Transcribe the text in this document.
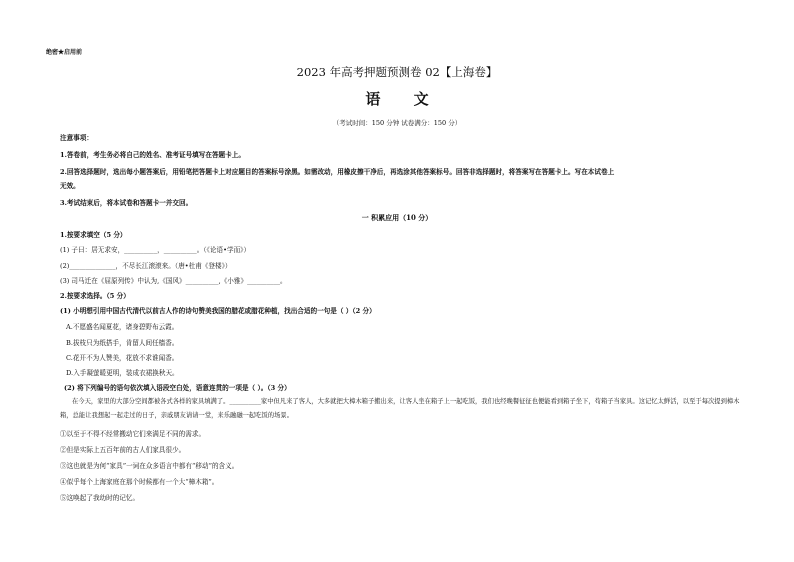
绝密★启用前
2023 年高考押题预测卷 02【上海卷】
语 文
（考试时间：150 分钟 试卷满分：150 分）
注意事项：
1.答卷前，考生务必将自己的姓名、准考证号填写在答题卡上。
2.回答选择题时，选出每小题答案后，用铅笔把答题卡上对应题目的答案标号涂黑。如需改动，用橡皮擦干净后，再选涂其他答案标号。回答非选择题时，将答案写在答题卡上。写在本试卷上
无效。
3.考试结束后，将本试卷和答题卡一并交回。
一 积累应用（10 分）
1.按要求填空（5 分）
(1) 子曰：居无求安，__________，__________。（《论语•学而》）
(2)______________，不尽长江滚滚来。（唐•杜甫《登楼》）
(3) 司马迁在《屈原列传》中认为,《国风》__________,《小雅》__________。
2.按要求选择。（5 分）
(1) 小明想引用中国古代清代以前古人作的诗句赞美我国的腊花或腊花种植，找出合适的一句是（ ）（2 分）
A.不愿盛名闻夏花，诸身碧野布云霞。
B.拔枝只为纸搭手，肯留人间任樯香。
C.花开不为人赞美，花放不求谁闻香。
D.入手凝萤暖更明，装成衣裙换秋天。
(2) 将下列编号的语句依次填入语段空白处，语意连贯的一项是（ ）。（3 分）
在今天，家里的大部分空间都被各式各样的家具填满了。__________家中但凡来了客人，大多就把大樟木箱子搬出来，让客人坐在箱子上一起吃饭，我们也经晚餐征征也便能看到箱子坐下，苟箱子当家具。这记忆太鲜活，以至于每次提到樟木箱，总能让我想起一起走过的日子，亲戚朋友请请一堂，来乐融融一起吃饭的场景。
①以至于不得不经常搬动它们来满足不同的需求。
②但是实际上五百年前的古人们家具很少。
③这也就是为何“家具”一词在众多语言中都有“移动”的含义。
④似乎每个上海家庭在那个时候都有一个大“樟木箱”。
⑤这唤起了我幼时的记忆。
